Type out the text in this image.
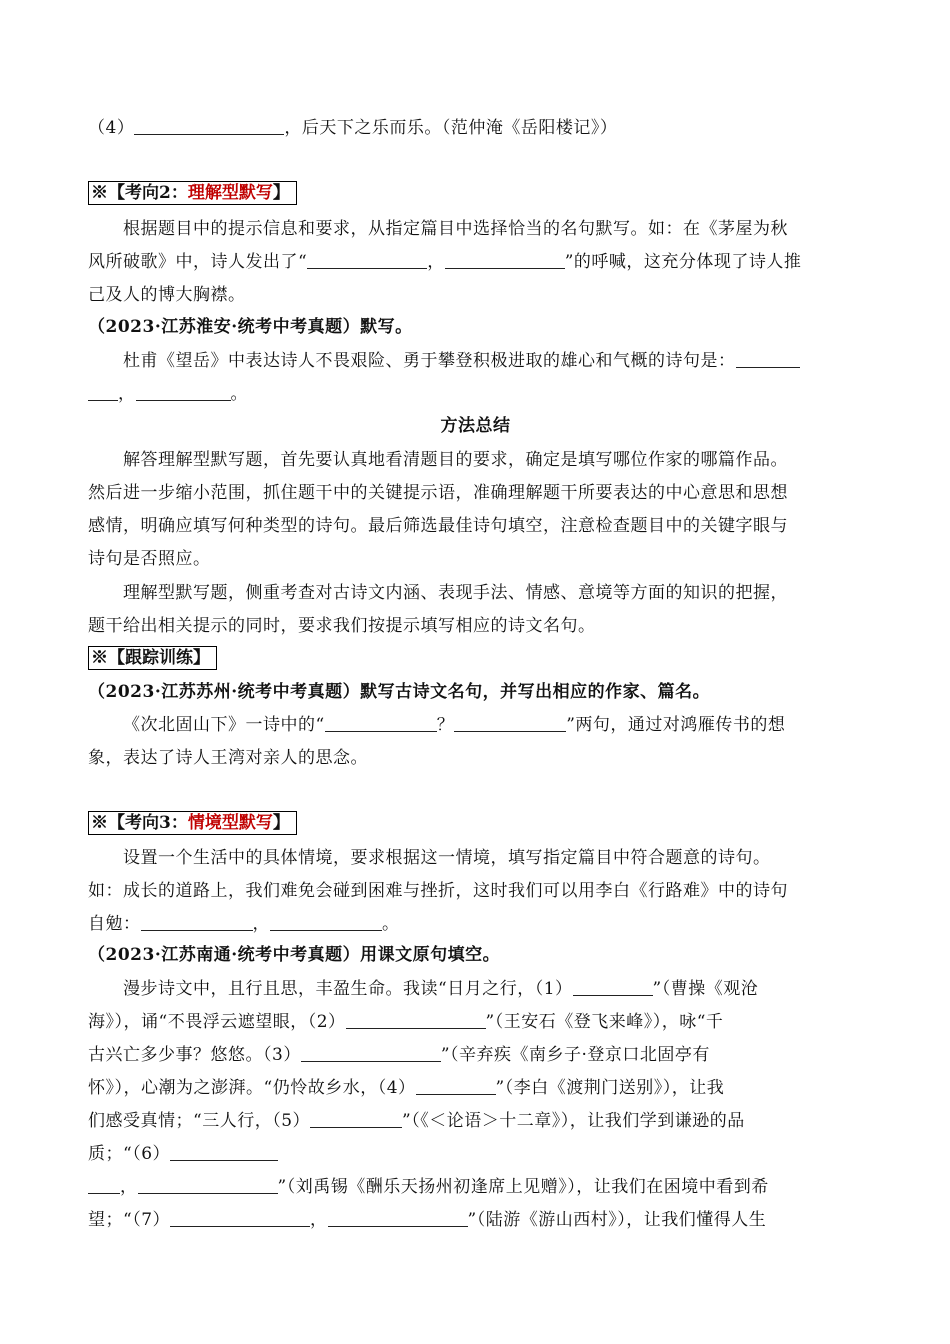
（4）	，后天下之乐而乐。（范仲淹《岳阳楼记》）
※【考向2：理解型默写】
根据题目中的提示信息和要求，从指定篇目中选择恰当的名句默写。如：在《茅屋为秋
风所破歌》中，诗人发出了“	，	”的呼喊，这充分体现了诗人推
己及人的博大胸襟。
（2023·江苏淮安·统考中考真题）默写。
杜甫《望岳》中表达诗人不畏艰险、勇于攀登积极进取的雄心和气概的诗句是：
，	。
方法总结
解答理解型默写题，首先要认真地看清题目的要求，确定是填写哪位作家的哪篇作品。
然后进一步缩小范围，抓住题干中的关键提示语，准确理解题干所要表达的中心意思和思想
感情，明确应填写何种类型的诗句。最后筛选最佳诗句填空，注意检查题目中的关键字眼与
诗句是否照应。
理解型默写题，侧重考查对古诗文内涵、表现手法、情感、意境等方面的知识的把握，
题干给出相关提示的同时，要求我们按提示填写相应的诗文名句。
※【跟踪训练】
（2023·江苏苏州·统考中考真题）默写古诗文名句，并写出相应的作家、篇名。
《次北固山下》一诗中的“	？	”两句，通过对鸿雁传书的想
象，表达了诗人王湾对亲人的思念。
※【考向3：情境型默写】
设置一个生活中的具体情境，要求根据这一情境，填写指定篇目中符合题意的诗句。
如：成长的道路上，我们难免会碰到困难与挫折，这时我们可以用李白《行路难》中的诗句
自勉：	，	。
（2023·江苏南通·统考中考真题）用课文原句填空。
漫步诗文中，且行且思，丰盈生命。我读“日月之行，（1）	”（曹操《观沧
海》），诵“不畏浮云遮望眼，（2）	”（王安石《登飞来峰》），咏“千
古兴亡多少事？悠悠。（3）	”（辛弃疾《南乡子·登京口北固亭有
怀》），心潮为之澎湃。“仍怜故乡水，（4）	”（李白《渡荆门送别》），让我
们感受真情；“三人行，（5）	”（《＜论语＞十二章》），让我们学到谦逊的品
质；“（6）
，	”（刘禹锡《酬乐天扬州初逢席上见赠》），让我们在困境中看到希
望；“（7）	，	”（陆游《游山西村》），让我们懂得人生
